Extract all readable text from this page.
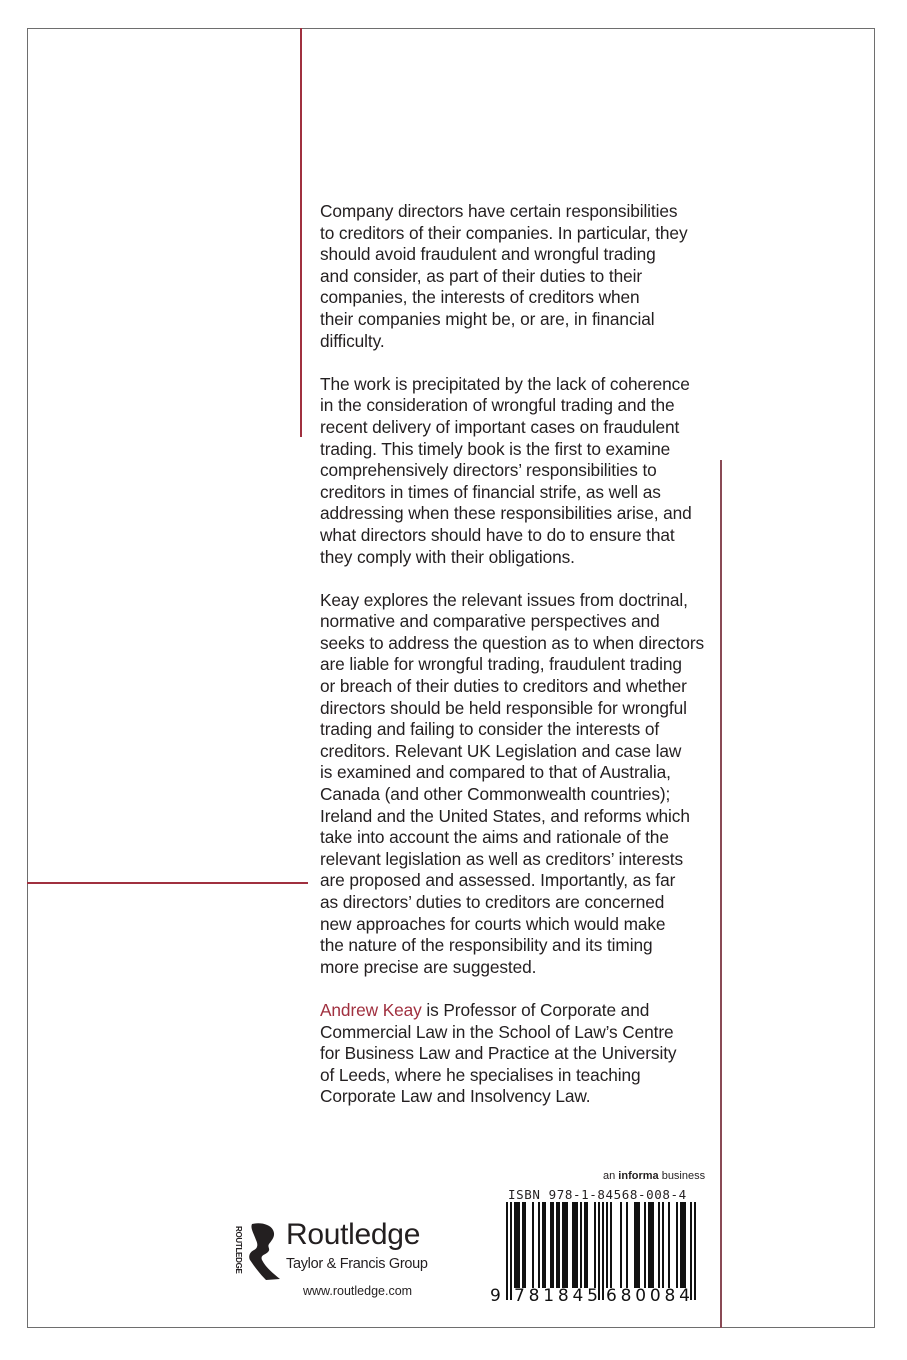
Company directors have certain responsibilities
to creditors of their companies. In particular, they
should avoid fraudulent and wrongful trading
and consider, as part of their duties to their
companies, the interests of creditors when
their companies might be, or are, in financial
difficulty.

The work is precipitated by the lack of coherence
in the consideration of wrongful trading and the
recent delivery of important cases on fraudulent
trading. This timely book is the first to examine
comprehensively directors’ responsibilities to
creditors in times of financial strife, as well as
addressing when these responsibilities arise, and
what directors should have to do to ensure that
they comply with their obligations.

Keay explores the relevant issues from doctrinal,
normative and comparative perspectives and
seeks to address the question as to when directors
are liable for wrongful trading, fraudulent trading
or breach of their duties to creditors and whether
directors should be held responsible for wrongful
trading and failing to consider the interests of
creditors. Relevant UK Legislation and case law
is examined and compared to that of Australia,
Canada (and other Commonwealth countries);
Ireland and the United States, and reforms which
take into account the aims and rationale of the
relevant legislation as well as creditors’ interests
are proposed and assessed. Importantly, as far
as directors’ duties to creditors are concerned
new approaches for courts which would make
the nature of the responsibility and its timing
more precise are suggested.

Andrew Keay is Professor of Corporate and
Commercial Law in the School of Law’s Centre
for Business Law and Practice at the University
of Leeds, where he specialises in teaching
Corporate Law and Insolvency Law.

an informa business
ISBN 978-1-84568-008-4
9 781845 680084
ROUTLEDGE Routledge
Taylor & Francis Group
www.routledge.com
